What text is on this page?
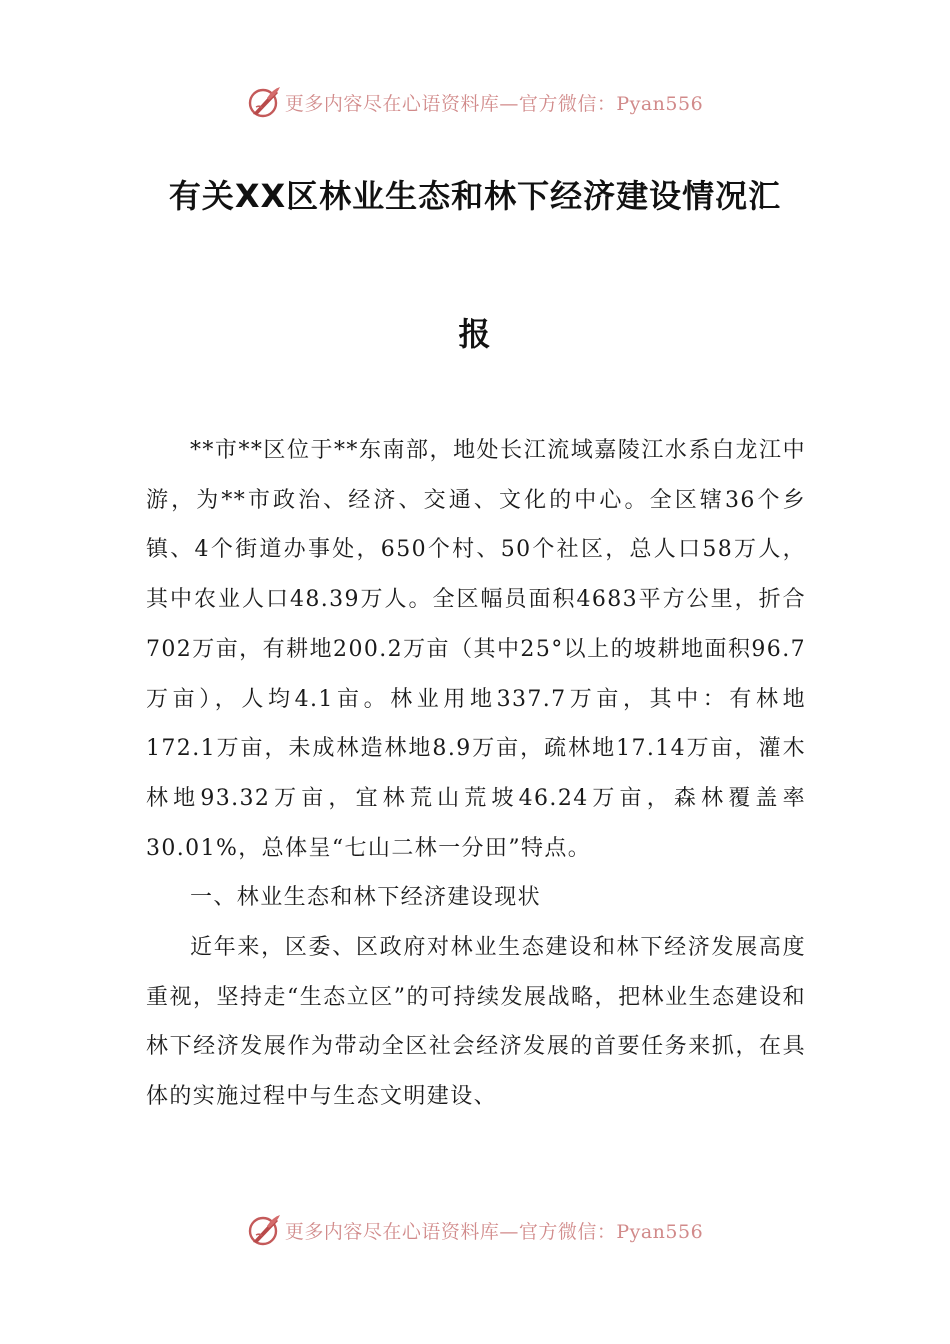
更多内容尽在心语资料库—官方微信：Pyan556
有关XX区林业生态和林下经济建设情况汇
报

**市**区位于**东南部，地处长江流域嘉陵江水系白龙江中游，为**市政治、经济、交通、文化的中心。全区辖36个乡镇、4个街道办事处，650个村、50个社区，总人口58万人，其中农业人口48.39万人。全区幅员面积4683平方公里，折合702万亩，有耕地200.2万亩（其中25°以上的坡耕地面积96.7万亩），人均4.1亩。林业用地337.7万亩，其中：有林地 172.1万亩，未成林造林地8.9万亩，疏林地17.14万亩，灌木林地93.32万亩，宜林荒山荒坡46.24万亩，森林覆盖率30.01%，总体呈“七山二林一分田”特点。

一、林业生态和林下经济建设现状

近年来，区委、区政府对林业生态建设和林下经济发展高度重视，坚持走“生态立区”的可持续发展战略，把林业生态建设和林下经济发展作为带动全区社会经济发展的首要任务来抓，在具体的实施过程中与生态文明建设、

更多内容尽在心语资料库—官方微信：Pyan556
